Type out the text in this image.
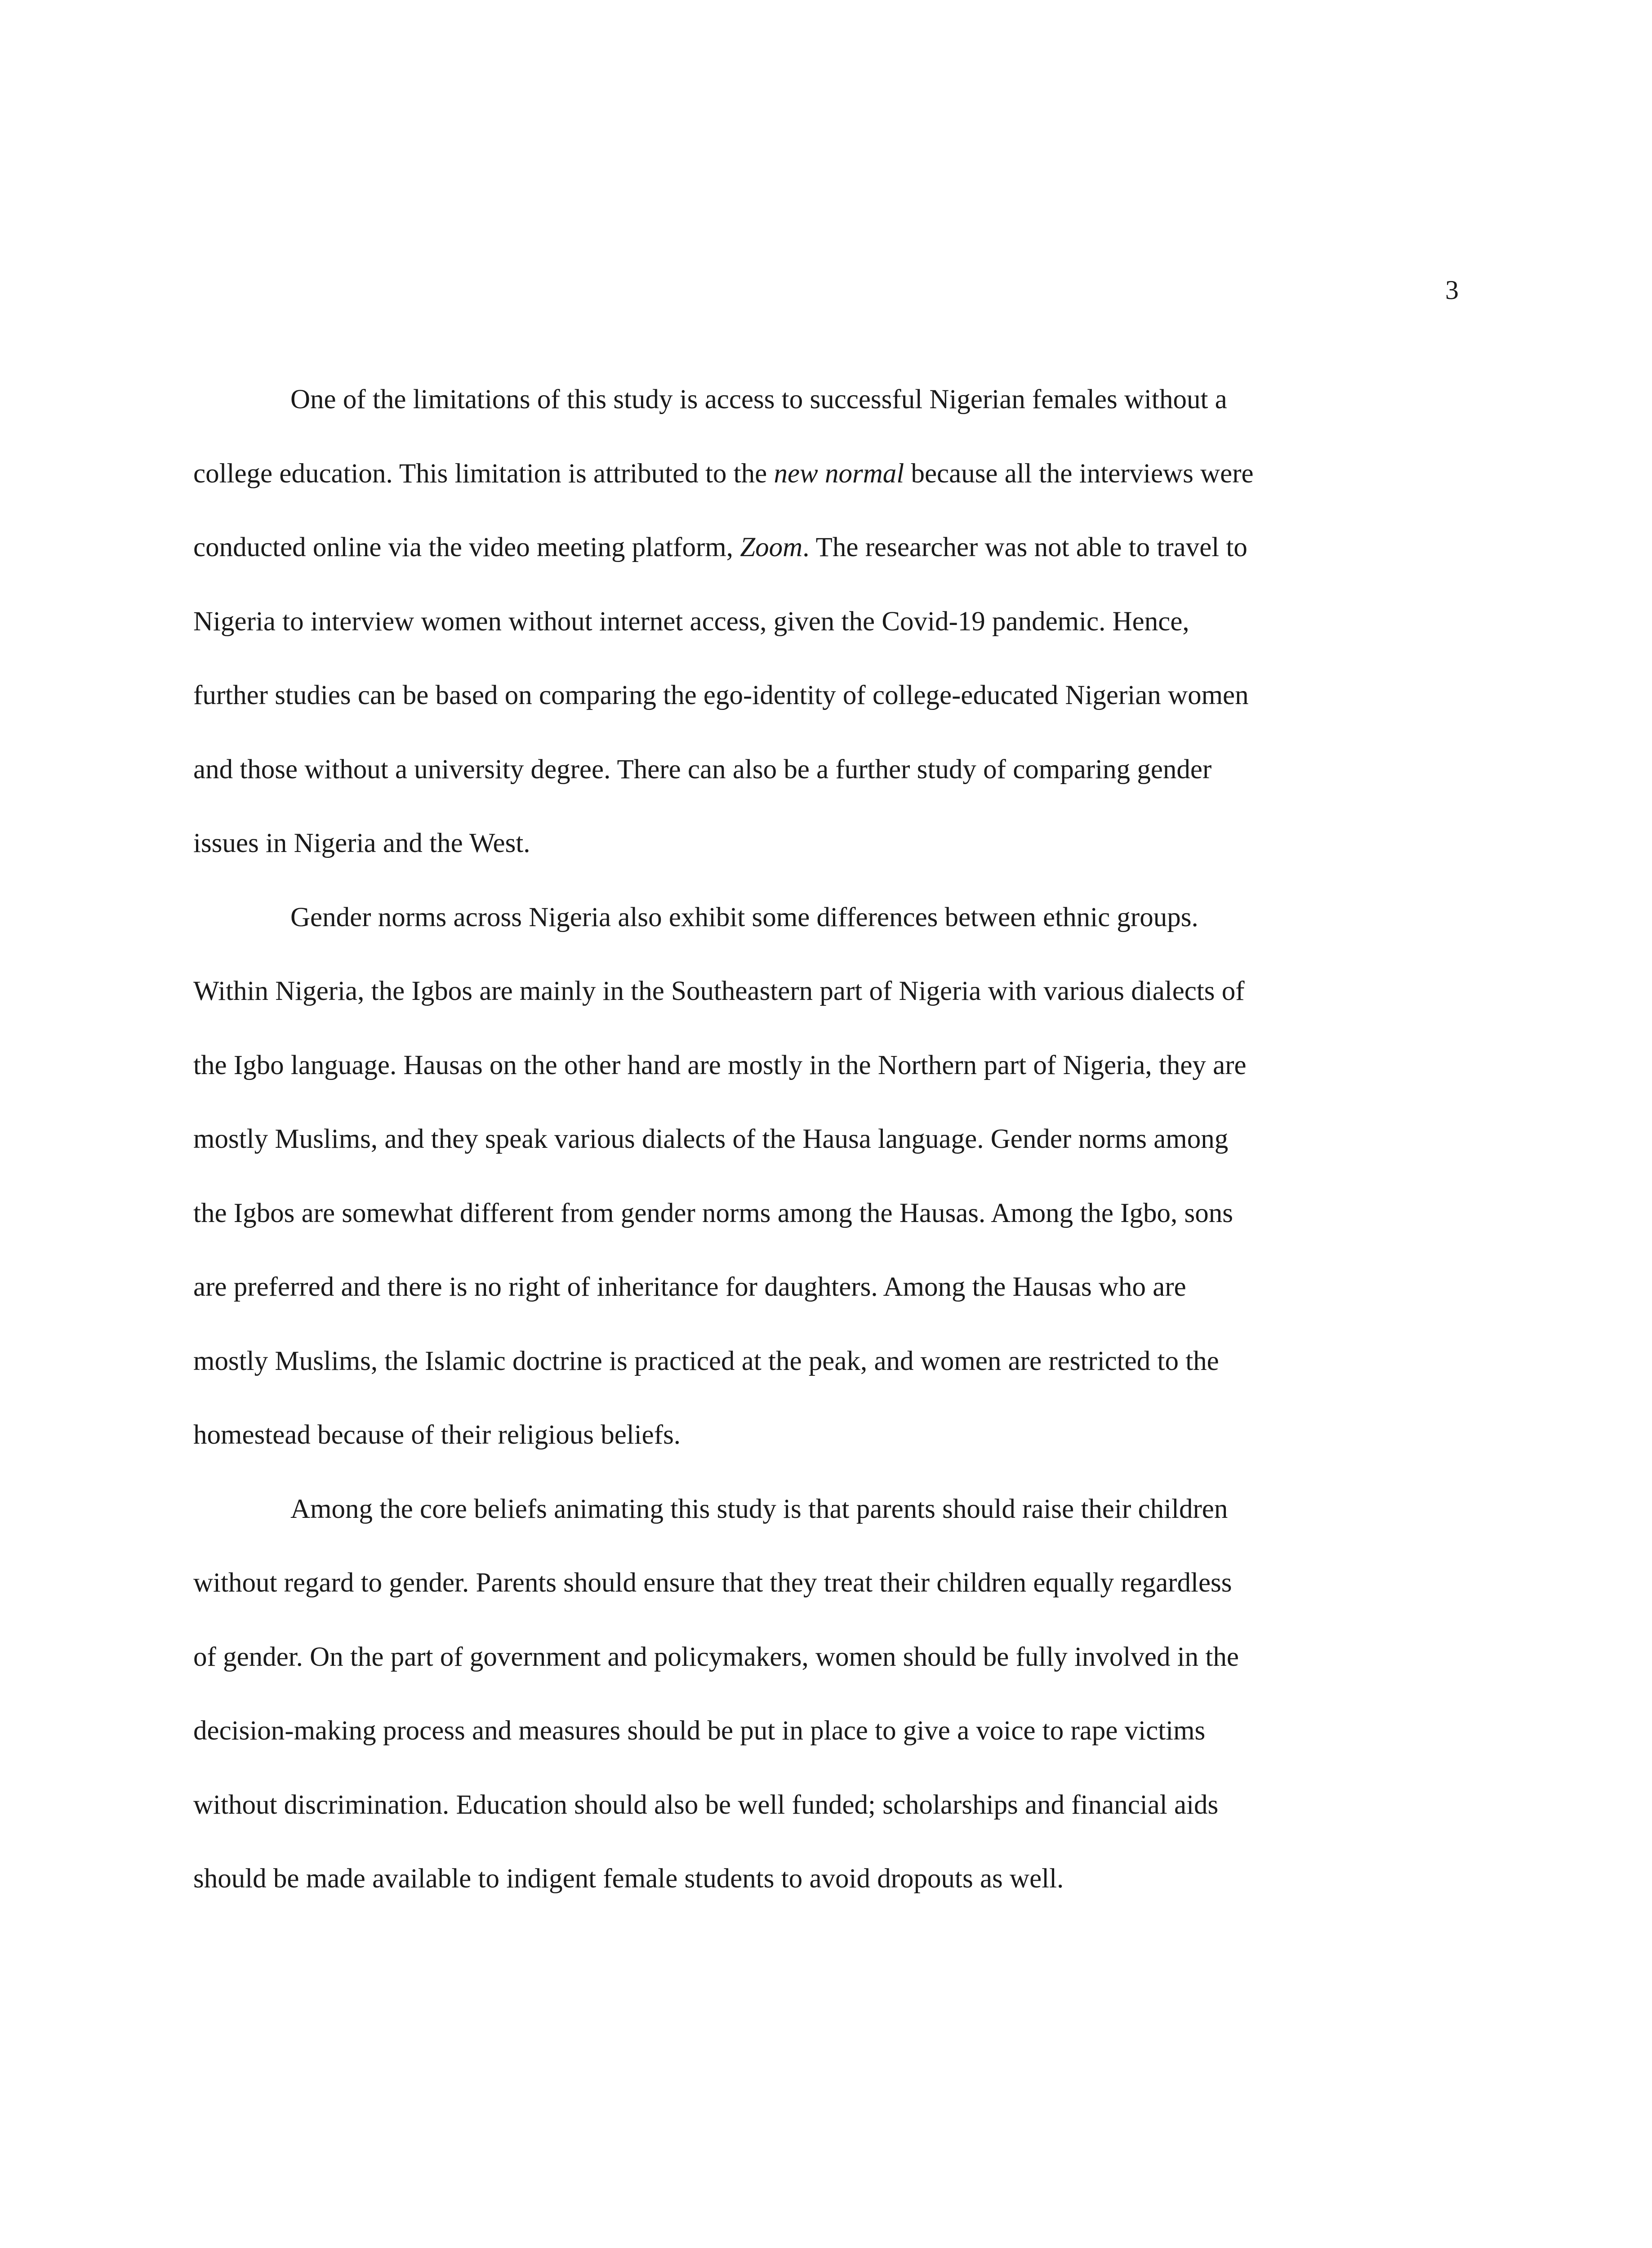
3
One of the limitations of this study is access to successful Nigerian females without a
college education. This limitation is attributed to the new normal because all the interviews were
conducted online via the video meeting platform, Zoom. The researcher was not able to travel to
Nigeria to interview women without internet access, given the Covid-19 pandemic. Hence,
further studies can be based on comparing the ego-identity of college-educated Nigerian women
and those without a university degree. There can also be a further study of comparing gender
issues in Nigeria and the West.
Gender norms across Nigeria also exhibit some differences between ethnic groups.
Within Nigeria, the Igbos are mainly in the Southeastern part of Nigeria with various dialects of
the Igbo language. Hausas on the other hand are mostly in the Northern part of Nigeria, they are
mostly Muslims, and they speak various dialects of the Hausa language. Gender norms among
the Igbos are somewhat different from gender norms among the Hausas. Among the Igbo, sons
are preferred and there is no right of inheritance for daughters. Among the Hausas who are
mostly Muslims, the Islamic doctrine is practiced at the peak, and women are restricted to the
homestead because of their religious beliefs.
Among the core beliefs animating this study is that parents should raise their children
without regard to gender. Parents should ensure that they treat their children equally regardless
of gender. On the part of government and policymakers, women should be fully involved in the
decision-making process and measures should be put in place to give a voice to rape victims
without discrimination. Education should also be well funded; scholarships and financial aids
should be made available to indigent female students to avoid dropouts as well.
